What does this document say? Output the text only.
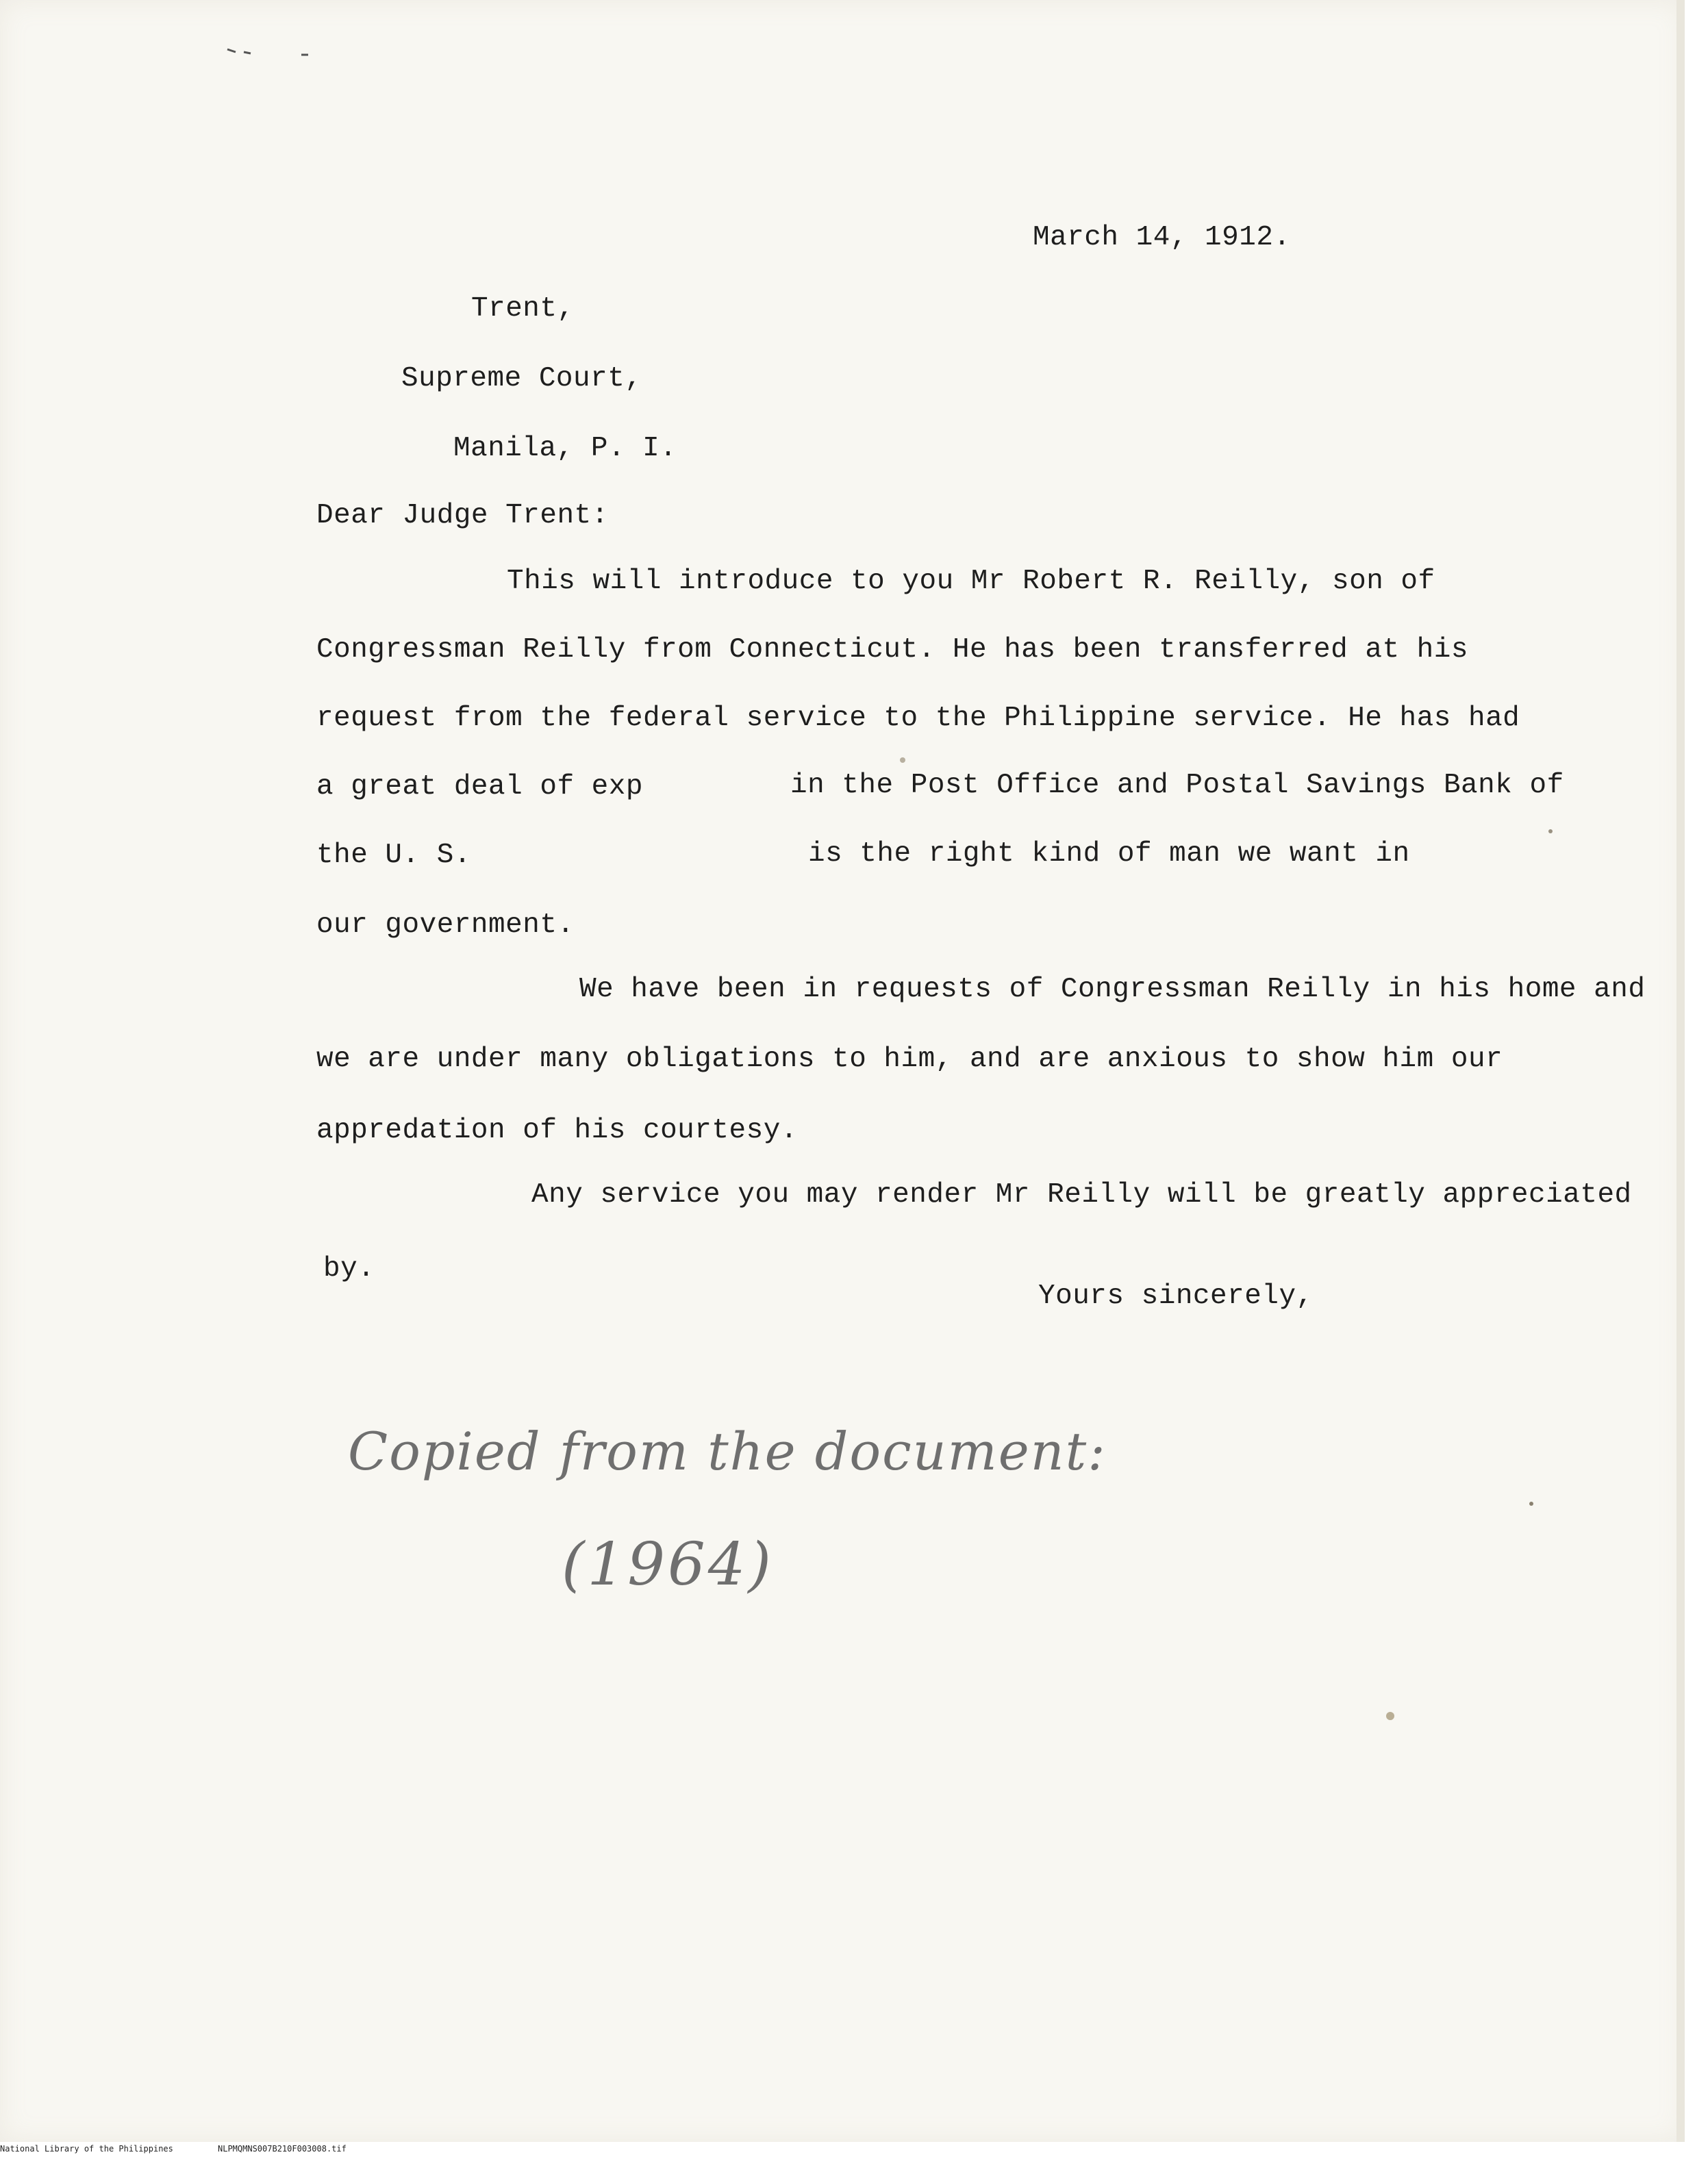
March 14, 1912.
Trent,
Supreme Court,
Manila, P. I.
Dear Judge Trent:
This will introduce to you Mr Robert R. Reilly, son of
Congressman Reilly from Connecticut. He has been transferred at his
request from the federal service to the Philippine service. He has had
a great deal of exp	in the Post Office and Postal Savings Bank of
the U. S.	is the right kind of man we want in
our government.
We have been in requests of Congressman Reilly in his home and
we are under many obligations to him, and are anxious to show him our
appredation of his courtesy.
Any service you may render Mr Reilly will be greatly appreciated
by.
Yours sincerely,
Copied from the document:
(1964)

National Library of the Philippines

	NLPMQMNS007B210F003008.tif
